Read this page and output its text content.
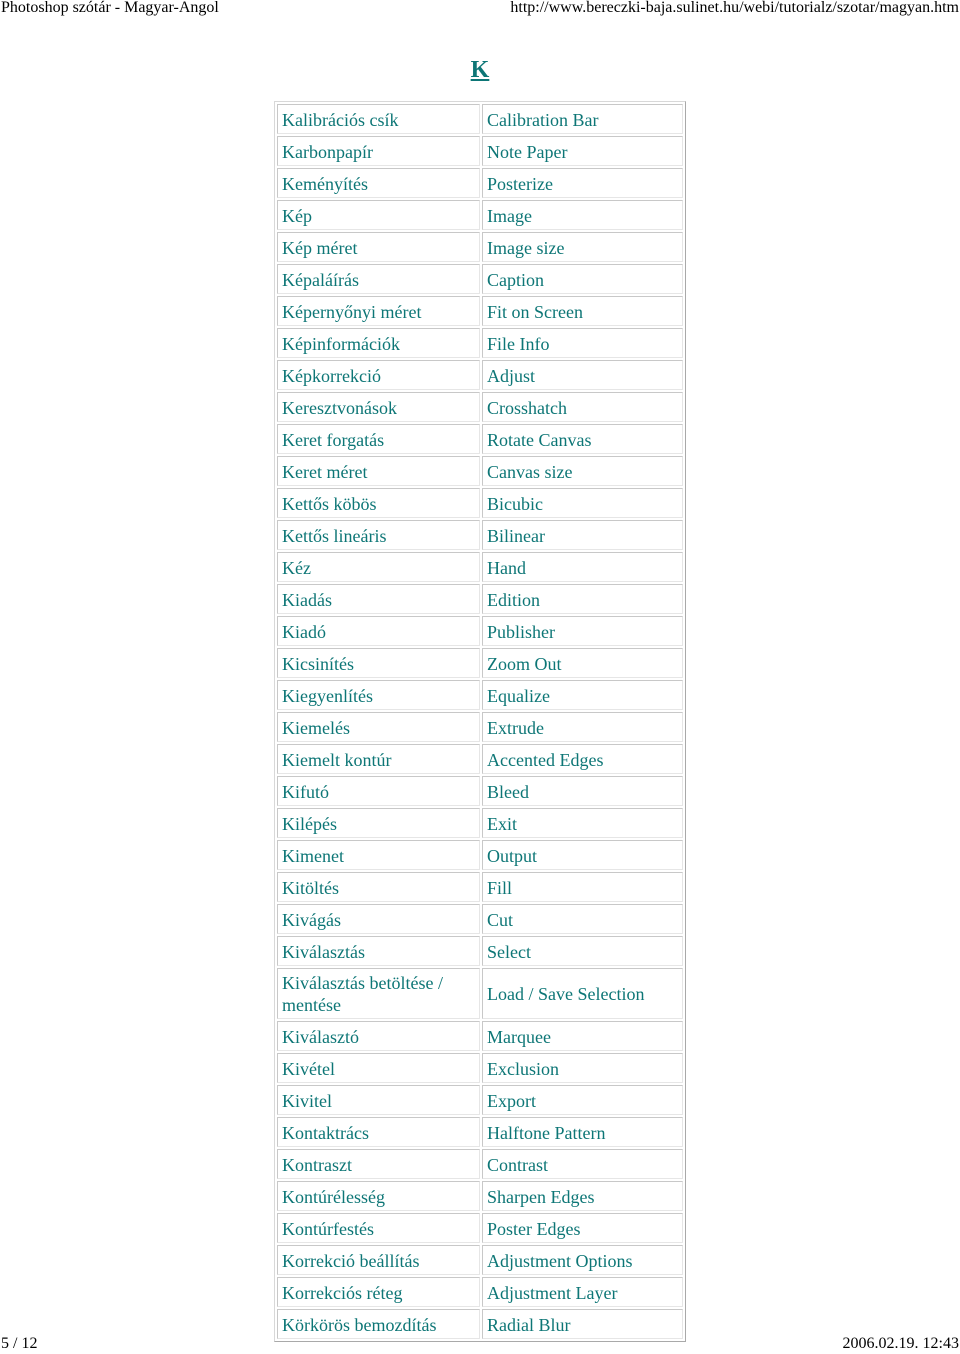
Photoshop szótár - Magyar-Angol	http://www.bereczki-baja.sulinet.hu/webi/tutorialz/szotar/magyan.htm
K
Kalibrációs csík	Calibration Bar
Karbonpapír	Note Paper
Keményítés	Posterize
Kép	Image
Kép méret	Image size
Képaláírás	Caption
Képernyőnyi méret	Fit on Screen
Képinformációk	File Info
Képkorrekció	Adjust
Keresztvonások	Crosshatch
Keret forgatás	Rotate Canvas
Keret méret	Canvas size
Kettős köbös	Bicubic
Kettős lineáris	Bilinear
Kéz	Hand
Kiadás	Edition
Kiadó	Publisher
Kicsinítés	Zoom Out
Kiegyenlítés	Equalize
Kiemelés	Extrude
Kiemelt kontúr	Accented Edges
Kifutó	Bleed
Kilépés	Exit
Kimenet	Output
Kitöltés	Fill
Kivágás	Cut
Kiválasztás	Select
Kiválasztás betöltése / mentése	Load / Save Selection
Kiválasztó	Marquee
Kivétel	Exclusion
Kivitel	Export
Kontaktrács	Halftone Pattern
Kontraszt	Contrast
Kontúrélesség	Sharpen Edges
Kontúrfestés	Poster Edges
Korrekció beállítás	Adjustment Options
Korrekciós réteg	Adjustment Layer
Körkörös bemozdítás	Radial Blur
5 / 12	2006.02.19. 12:43
